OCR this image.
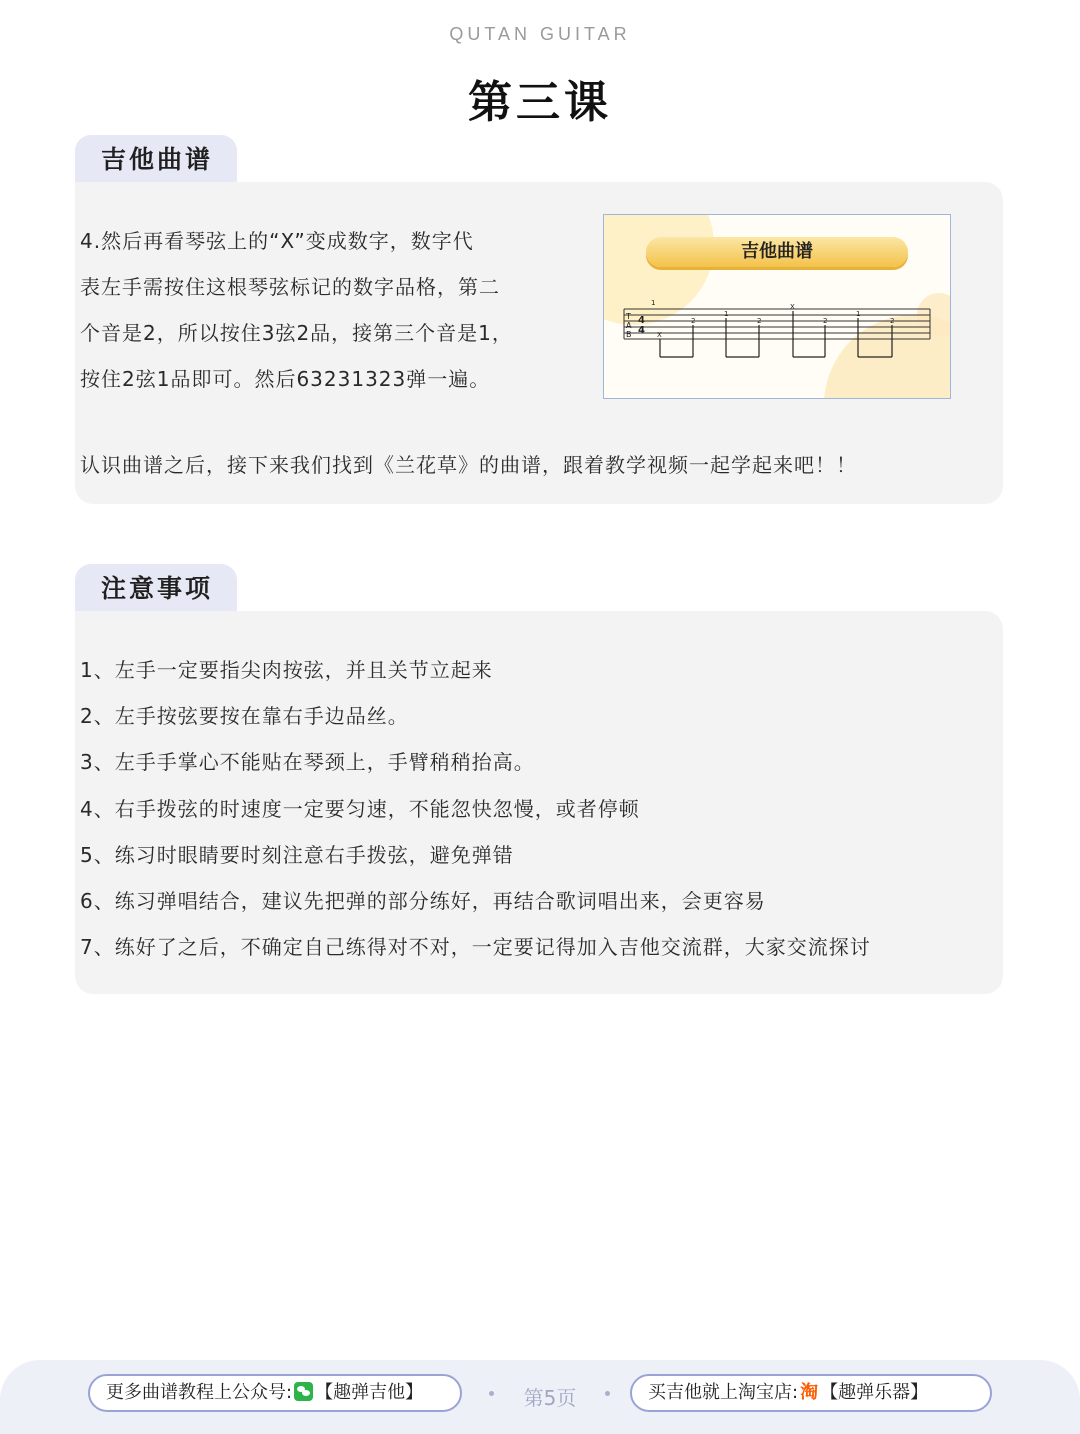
QUTAN GUITAR
第三课
吉他曲谱
4.然后再看琴弦上的“X”变成数字，数字代
表左手需按住这根琴弦标记的数字品格，第二
个音是2，所以按住3弦2品，接第三个音是1，
按住2弦1品即可。然后63231323弹一遍。
吉他曲谱
T
A
B
4
4
1
X
2
1
2
X
2
1
2
认识曲谱之后，接下来我们找到《兰花草》的曲谱，跟着教学视频一起学起来吧！！
注意事项
1、左手一定要指尖肉按弦，并且关节立起来
2、左手按弦要按在靠右手边品丝。
3、左手手掌心不能贴在琴颈上，手臂稍稍抬高。
4、右手拨弦的时速度一定要匀速，不能忽快忽慢，或者停顿
5、练习时眼睛要时刻注意右手拨弦，避免弹错
6、练习弹唱结合，建议先把弹的部分练好，再结合歌词唱出来，会更容易
7、练好了之后，不确定自己练得对不对，一定要记得加入吉他交流群，大家交流探讨
更多曲谱教程上公众号: 【趣弹吉他】	第5页	买吉他就上淘宝店: 淘 【趣弹乐器】
